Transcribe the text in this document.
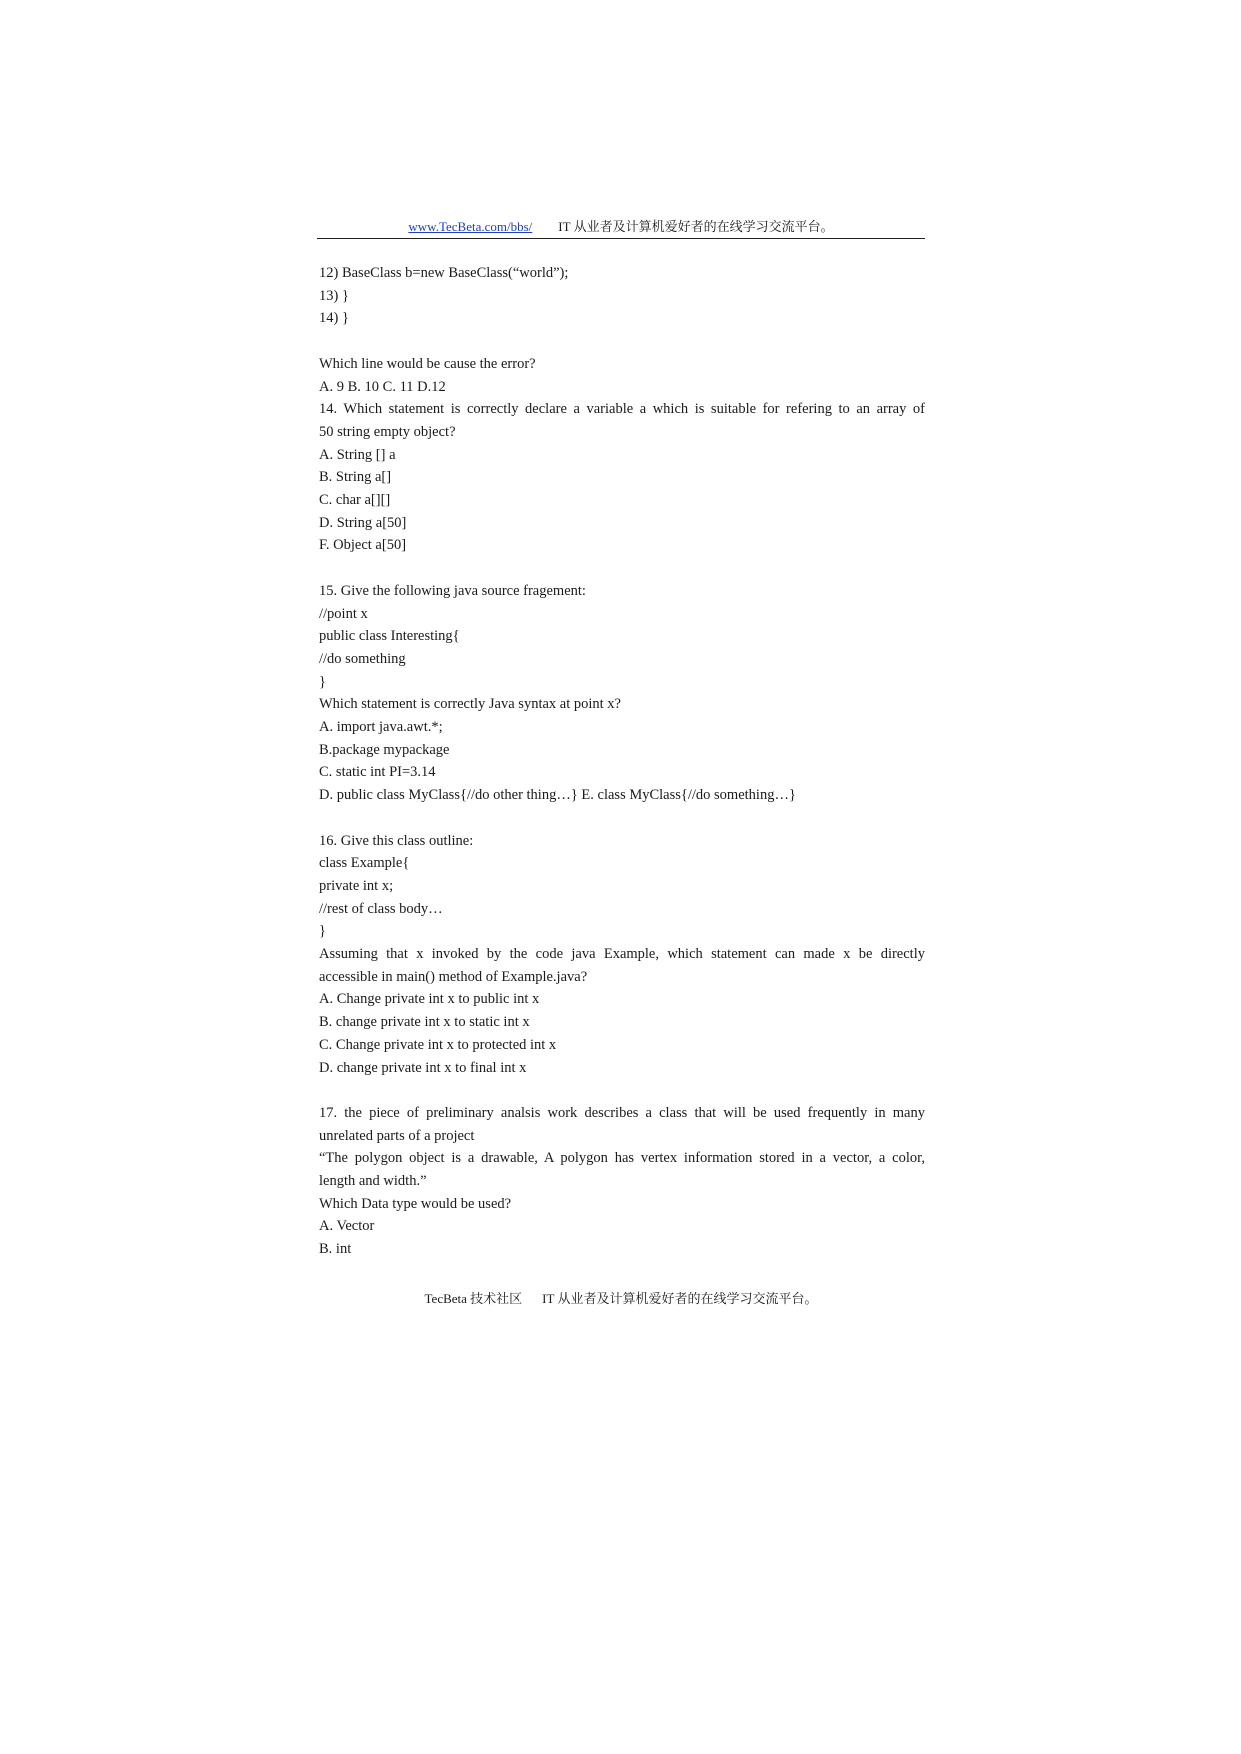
www.TecBeta.com/bbs/ IT 从业者及计算机爱好者的在线学习交流平台。
12) BaseClass b=new BaseClass(“world”);
13) }
14) }
Which line would be cause the error?
A. 9 B. 10 C. 11 D.12
14. Which statement is correctly declare a variable a which is suitable for refering to an array of
50 string empty object?
A. String [] a
B. String a[]
C. char a[][]
D. String a[50]
F. Object a[50]
15. Give the following java source fragement:
//point x
public class Interesting{
//do something
}
Which statement is correctly Java syntax at point x?
A. import java.awt.*;
B.package mypackage
C. static int PI=3.14
D. public class MyClass{//do other thing…} E. class MyClass{//do something…}
16. Give this class outline:
class Example{
private int x;
//rest of class body…
}
Assuming that x invoked by the code java Example, which statement can made x be directly
accessible in main() method of Example.java?
A. Change private int x to public int x
B. change private int x to static int x
C. Change private int x to protected int x
D. change private int x to final int x
17. the piece of preliminary analsis work describes a class that will be used frequently in many
unrelated parts of a project
“The polygon object is a drawable, A polygon has vertex information stored in a vector, a color,
length and width.”
Which Data type would be used?
A. Vector
B. int
TecBeta 技术社区 IT 从业者及计算机爱好者的在线学习交流平台。
